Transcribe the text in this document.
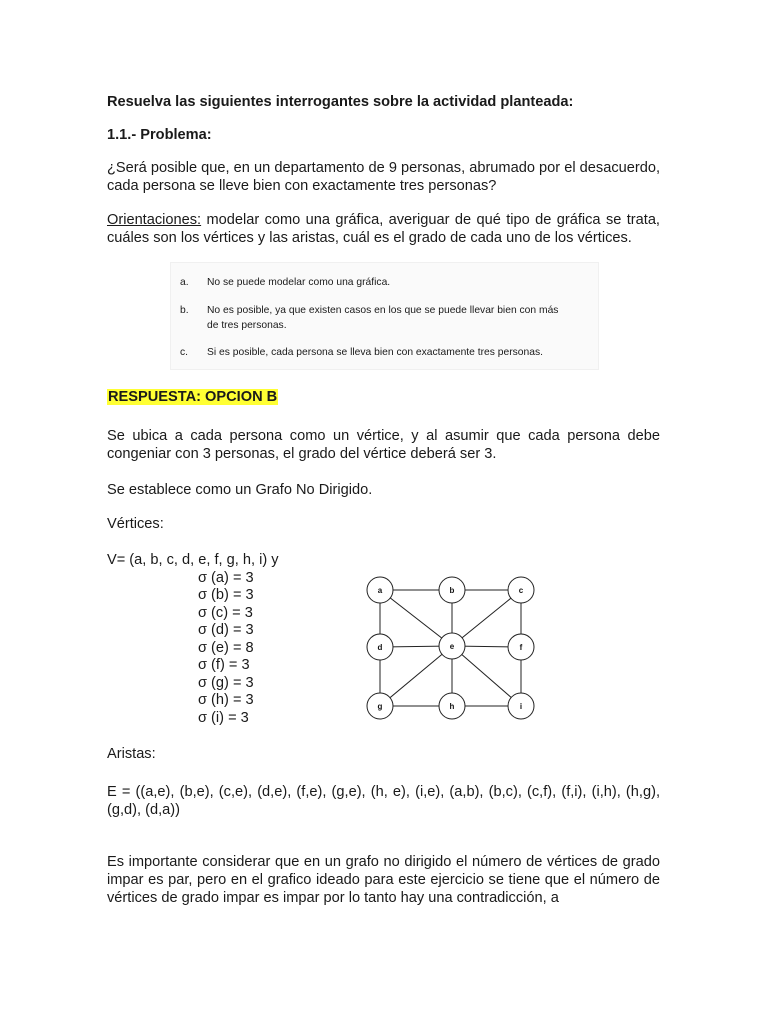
Resuelva las siguientes interrogantes sobre la actividad planteada:

1.1.- Problema:

¿Será posible que, en un departamento de 9 personas, abrumado por el desacuerdo, cada persona se lleve bien con exactamente tres personas?

Orientaciones: modelar como una gráfica, averiguar de qué tipo de gráfica se trata, cuáles son los vértices y las aristas, cuál es el grado de cada uno de los vértices.

a. No se puede modelar como una gráfica.
b. No es posible, ya que existen casos en los que se puede llevar bien con más
de tres personas.
c. Si es posible, cada persona se lleva bien con exactamente tres personas.

RESPUESTA: OPCION B

Se ubica a cada persona como un vértice, y al asumir que cada persona debe congeniar con 3 personas, el grado del vértice deberá ser 3.

Se establece como un Grafo No Dirigido.

Vértices:

V= (a, b, c, d, e, f, g, h, i) y

σ (a) = 3
σ (b) = 3
σ (c) = 3
σ (d) = 3
σ (e) = 8
σ (f) = 3
σ (g) = 3
σ (h) = 3
σ (i) = 3
a	b	c
d	e	f
g	h	i

Aristas:

E = ((a,e), (b,e), (c,e), (d,e), (f,e), (g,e), (h, e), (i,e), (a,b), (b,c), (c,f), (f,i), (i,h), (h,g), (g,d), (d,a))

Es importante considerar que en un grafo no dirigido el número de vértices de grado impar es par, pero en el grafico ideado para este ejercicio se tiene que el número de vértices de grado impar es impar por lo tanto hay una contradicción, a
